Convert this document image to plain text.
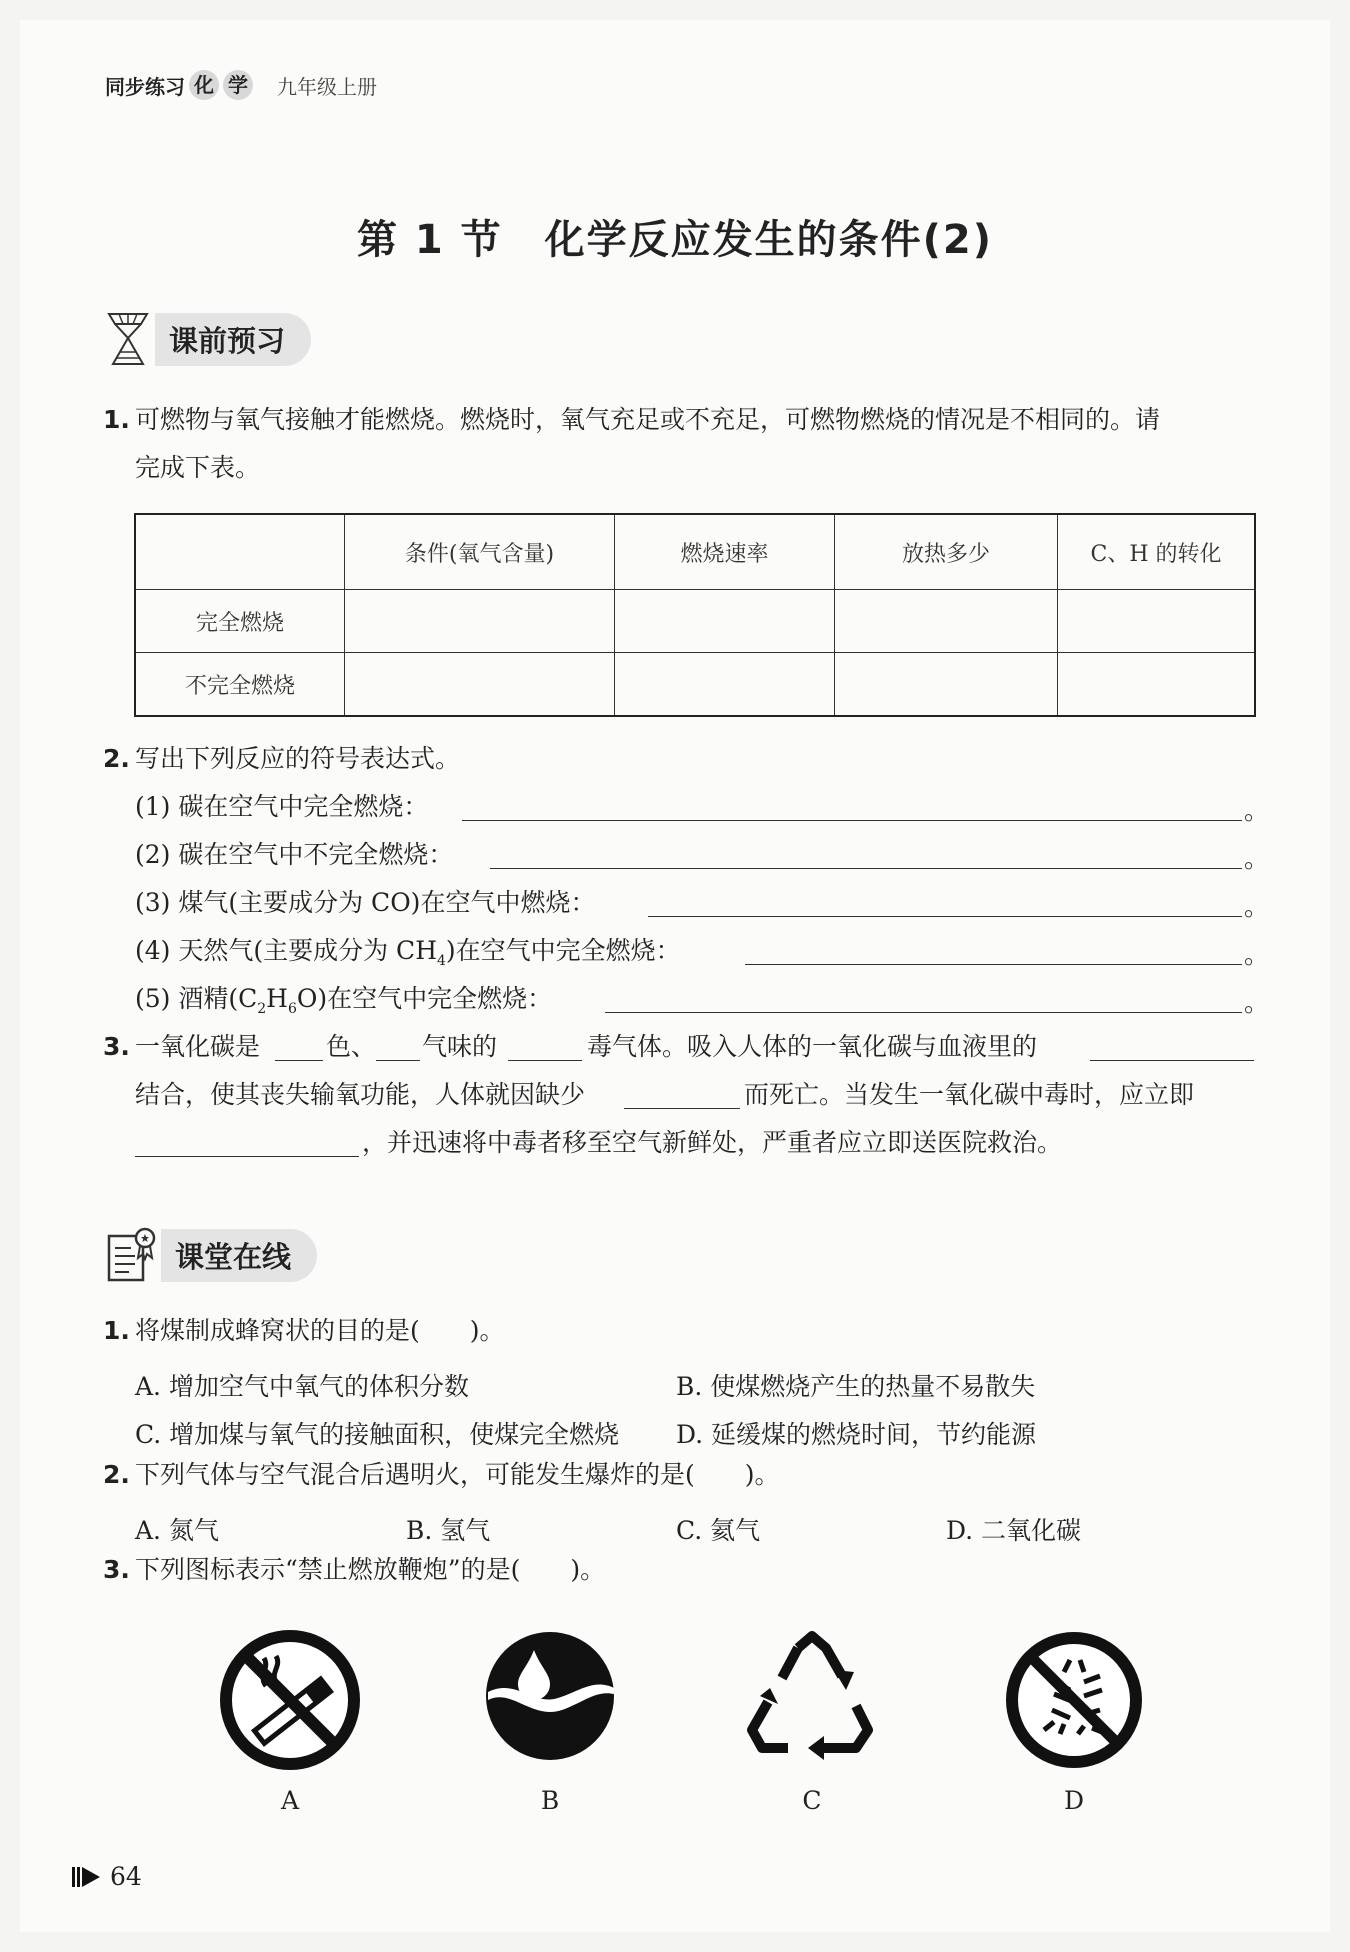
同步练习 化 学 九年级上册
第 1 节　化学反应发生的条件(2)
课前预习
1. 可燃物与氧气接触才能燃烧。燃烧时，氧气充足或不充足，可燃物燃烧的情况是不相同的。请
完成下表。
	条件(氧气含量)	燃烧速率	放热多少	C、H 的转化
完全燃烧				
不完全燃烧				
2. 写出下列反应的符号表达式。
(1) 碳在空气中完全燃烧：	。
(2) 碳在空气中不完全燃烧：	。
(3) 煤气(主要成分为 CO)在空气中燃烧：	。
(4) 天然气(主要成分为 $CH_4$)在空气中完全燃烧：	。
(5) 酒精$(C_2H_6O)$在空气中完全燃烧：	。
3. 一氧化碳是	色、 气味的	毒气体。吸入人体的一氧化碳与血液里的
结合，使其丧失输氧功能，人体就因缺少	而死亡。当发生一氧化碳中毒时，应立即
，并迅速将中毒者移至空气新鲜处，严重者应立即送医院救治。
课堂在线
1. 将煤制成蜂窝状的目的是(　　)。
A. 增加空气中氧气的体积分数	B. 使煤燃烧产生的热量不易散失
C. 增加煤与氧气的接触面积，使煤完全燃烧 D. 延缓煤的燃烧时间，节约能源
2. 下列气体与空气混合后遇明火，可能发生爆炸的是(　　)。
A. 氮气	B. 氢气	C. 氦气	D. 二氧化碳
3. 下列图标表示“禁止燃放鞭炮”的是(　　)。
A	B	C	D
64
